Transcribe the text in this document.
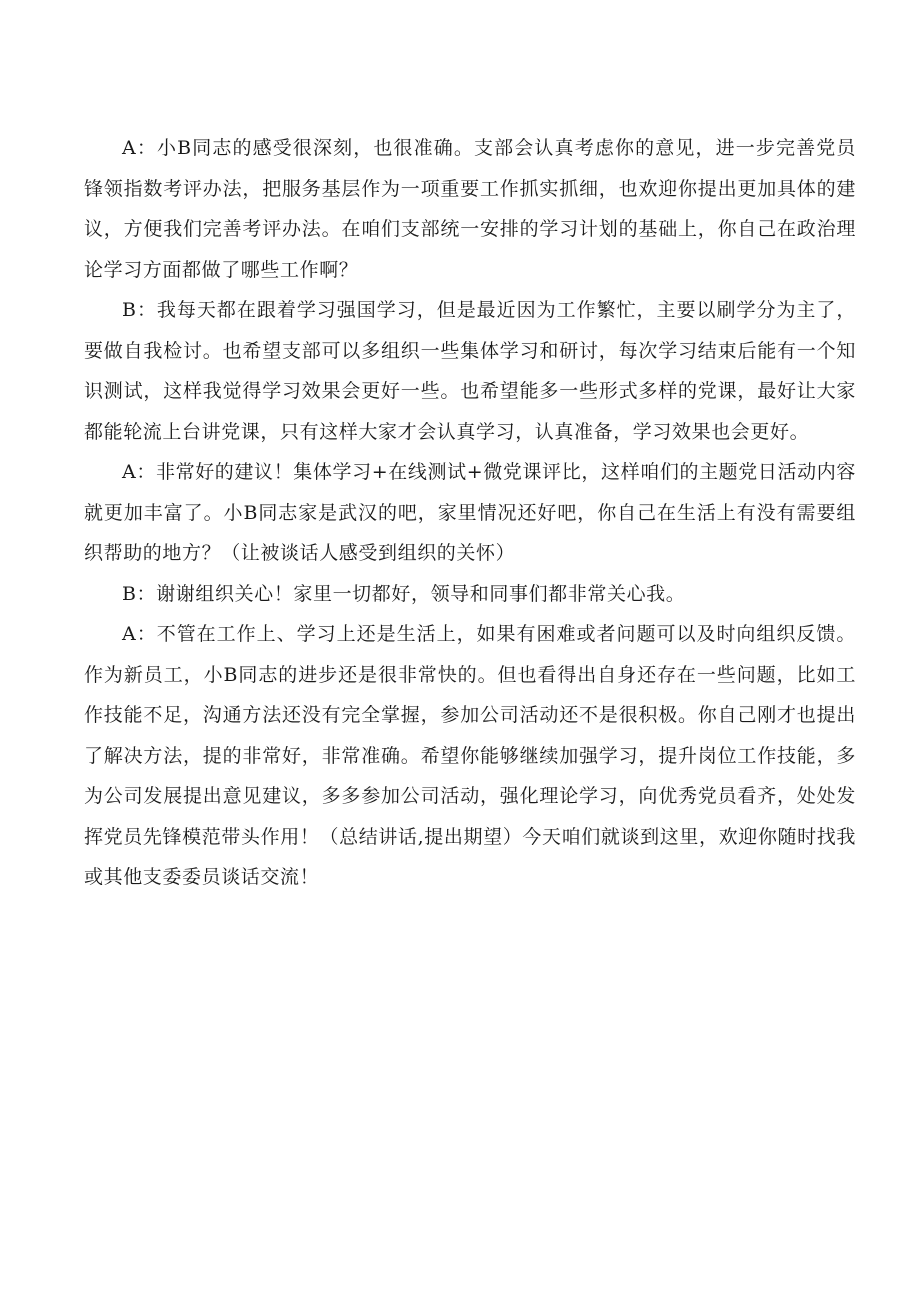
A：小B同志的感受很深刻，也很准确。支部会认真考虑你的意见，进一步完善党员锋领指数考评办法，把服务基层作为一项重要工作抓实抓细，也欢迎你提出更加具体的建议，方便我们完善考评办法。在咱们支部统一安排的学习计划的基础上，你自己在政治理论学习方面都做了哪些工作啊？

B：我每天都在跟着学习强国学习，但是最近因为工作繁忙，主要以刷学分为主了，要做自我检讨。也希望支部可以多组织一些集体学习和研讨，每次学习结束后能有一个知识测试，这样我觉得学习效果会更好一些。也希望能多一些形式多样的党课，最好让大家都能轮流上台讲党课，只有这样大家才会认真学习，认真准备，学习效果也会更好。

A：非常好的建议！集体学习+在线测试+微党课评比，这样咱们的主题党日活动内容就更加丰富了。小B同志家是武汉的吧，家里情况还好吧，你自己在生活上有没有需要组织帮助的地方？（让被谈话人感受到组织的关怀）

B：谢谢组织关心！家里一切都好，领导和同事们都非常关心我。

A：不管在工作上、学习上还是生活上，如果有困难或者问题可以及时向组织反馈。作为新员工，小B同志的进步还是很非常快的。但也看得出自身还存在一些问题，比如工作技能不足，沟通方法还没有完全掌握，参加公司活动还不是很积极。你自己刚才也提出了解决方法，提的非常好，非常准确。希望你能够继续加强学习，提升岗位工作技能，多为公司发展提出意见建议，多多参加公司活动，强化理论学习，向优秀党员看齐，处处发挥党员先锋模范带头作用！（总结讲话,提出期望）今天咱们就谈到这里，欢迎你随时找我或其他支委委员谈话交流！
